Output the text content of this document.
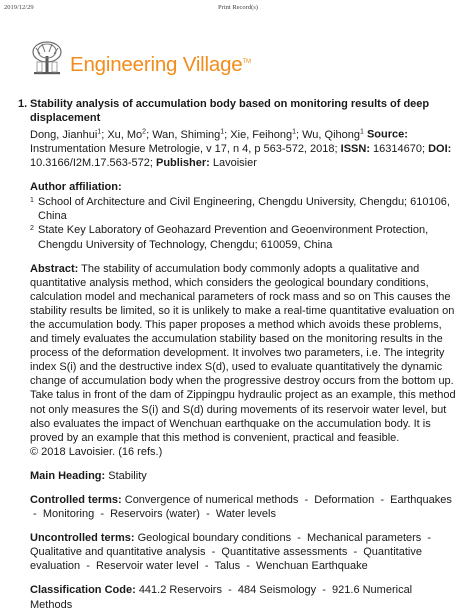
2019/12/29	Print Record(s)
Engineering Village™
1. Stability analysis of accumulation body based on monitoring results of deep displacement
Dong, Jianhui$^1$; Xu, Mo$^2$; Wan, Shiming$^1$; Xie, Feihong$^1$; Wu, Qihong$^1$ Source: Instrumentation Mesure Metrologie, v 17, n 4, p 563-572, 2018; ISSN: 16314670; DOI: 10.3166/I2M.17.563-572; Publisher: Lavoisier
Author affiliation:
1 School of Architecture and Civil Engineering, Chengdu University, Chengdu; 610106, China
2 State Key Laboratory of Geohazard Prevention and Geoenvironment Protection, Chengdu University of Technology, Chengdu; 610059, China
Abstract: The stability of accumulation body commonly adopts a qualitative and quantitative analysis method, which considers the geological boundary conditions, calculation model and mechanical parameters of rock mass and so on This causes the stability results be limited, so it is unlikely to make a real-time quantitative evaluation on the accumulation body. This paper proposes a method which avoids these problems, and timely evaluates the accumulation stability based on the monitoring results in the process of the deformation development. It involves two parameters, i.e. The integrity index S(i) and the destructive index S(d), used to evaluate quantitatively the dynamic change of accumulation body when the progressive destroy occurs from the bottom up. Take talus in front of the dam of Zippingpu hydraulic project as an example, this method not only measures the S(i) and S(d) during movements of its reservoir water level, but also evaluates the impact of Wenchuan earthquake on the accumulation body. It is proved by an example that this method is convenient, practical and feasible.
© 2018 Lavoisier. (16 refs.)
Main Heading: Stability
Controlled terms: Convergence of numerical methods  -  Deformation  -  Earthquakes  -  Monitoring  -  Reservoirs (water)  -  Water levels
Uncontrolled terms: Geological boundary conditions  -  Mechanical parameters  -  Qualitative and quantitative analysis  -  Quantitative assessments  -  Quantitative evaluation  -  Reservoir water level  -  Talus  -  Wenchuan Earthquake
Classification Code: 441.2 Reservoirs  -  484 Seismology  -  921.6 Numerical Methods
